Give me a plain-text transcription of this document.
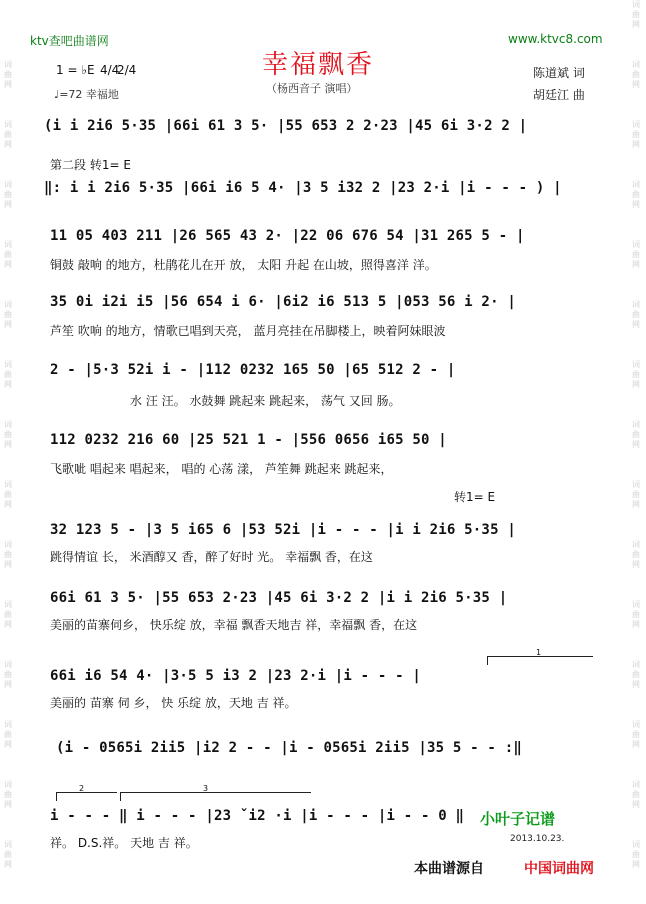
词曲网
词曲网
词曲网
词曲网
词曲网
词曲网
词曲网
词曲网
词曲网
词曲网
词曲网
词曲网
词曲网
词曲网
词曲网
词曲网
词曲网
词曲网
词曲网
词曲网
词曲网
词曲网
词曲网
词曲网
词曲网
词曲网
词曲网
词曲网
词曲网
ktv查吧曲谱网	www.ktvc8.com
幸福飘香
（杨西音子 演唱）
1 = ♭E 4/4
2/4
♩=72 幸福地
陈道斌 词
胡廷江 曲
(i i 2i6 5·35 |66i 61 3 5· |55 653 2 2·23 |45 6i 3·2 2 |
第二段 转1= E
‖: i i 2i6 5·35 |66i i6 5 4· |3 5 i32 2 |23 2·i |i - - - ) |
11 05 403 211 |26 565 43 2· |22 06 676 54 |31 265 5 - |
铜鼓 敲响 的地方，杜鹃花儿在开 放， 太阳 升起 在山坡，照得喜洋 洋。
35 0i i2i i5 |56 654 i 6· |6i2 i6 513 5 |053 56 i 2· |
芦笙 吹响 的地方，情歌已唱到天亮， 蓝月亮挂在吊脚楼上，映着阿妹眼波
2 - |5·3 52i i - |112 0232 165 50 |65 512 2 - |
水 汪 汪。 水鼓舞 跳起来 跳起来， 荡气 又回 肠。
112 0232 216 60 |25 521 1 - |556 0656 i65 50 |
飞歌呲 唱起来 唱起来， 唱的 心荡 漾， 芦笙舞 跳起来 跳起来，
转1= E
32 123 5 - |3 5 i65 6 |53 52i |i - - - |i i 2i6 5·35 |
跳得情谊 长， 米酒醇又 香，醉了好时 光。 幸福飘 香，在这
66i 61 3 5· |55 653 2·23 |45 6i 3·2 2 |i i 2i6 5·35 |
美丽的苗寨伺乡， 快乐绽 放，幸福 飘香天地吉 祥，幸福飘 香，在这
1
66i i6 54 4· |3·5 5 i3 2 |23 2·i |i - - - |
美丽的 苗寨 伺 乡， 快 乐绽 放，天地 吉 祥。
(i - 0565i 2ii5 |i2 2 - - |i - 0565i 2ii5 |35 5 - - :‖
2	3
i - - - ‖ i - - - |23 ˇi2 ·i |i - - - |i - - 0 ‖
祥。 D.S.祥。 天地 吉 祥。
小叶子记谱
2013.10.23.
本曲谱源自	中国词曲网
